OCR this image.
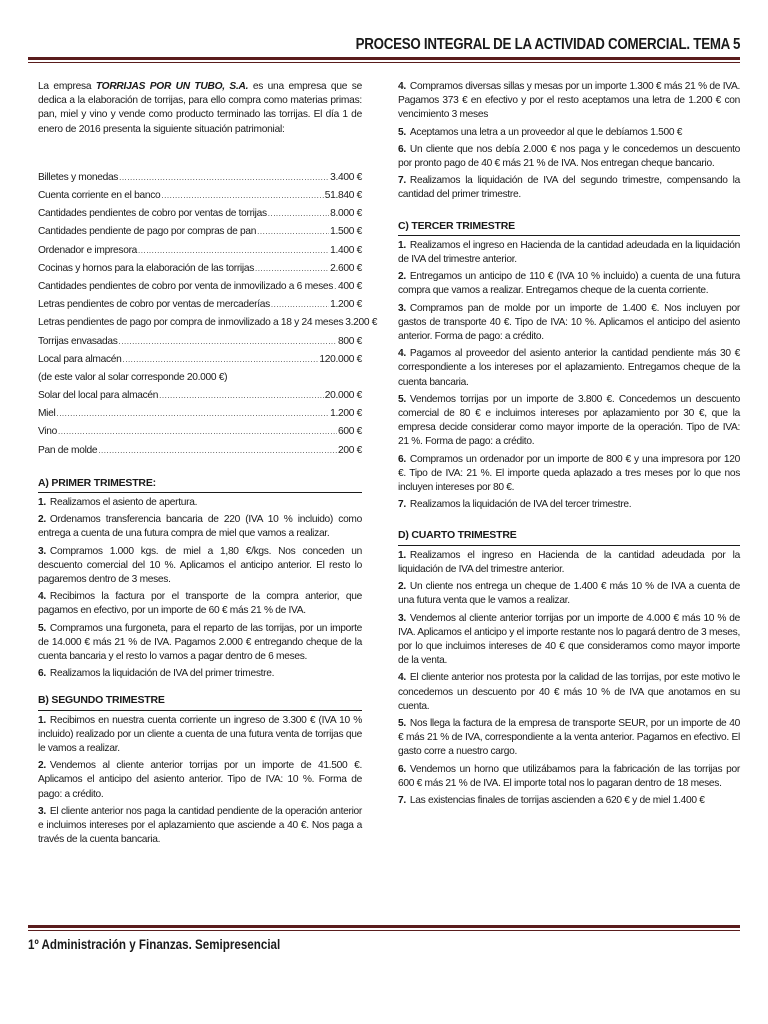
PROCESO INTEGRAL DE LA ACTIVIDAD COMERCIAL. TEMA 5

La empresa TORRIJAS POR UN TUBO, S.A. es una empresa que se dedica a la elaboración de torrijas, para ello compra como materias primas: pan, miel y vino y vende como producto terminado las torrijas. El día 1 de enero de 2016 presenta la siguiente situación patrimonial:

Billetes y monedas .....	3.400 €
Cuenta corriente en el banco .....	51.840 €
Cantidades pendientes de cobro por ventas de torrijas .....	8.000 €
Cantidades pendiente de pago por compras de pan .....	1.500 €
Ordenador e impresora .....	1.400 €
Cocinas y hornos para la elaboración de las torrijas .....	2.600 €
Cantidades pendientes de cobro por venta de inmovilizado a 6 meses ..... 400 €
Letras pendientes de cobro por ventas de mercaderías .....	1.200 €
Letras pendientes de pago por compra de inmovilizado a 18 y 24 meses 3.200 €
Torrijas envasadas .....	800 €
Local para almacén .....	120.000 €
(de este valor al solar corresponde 20.000 €)
Solar del local para almacén .....	20.000 €
Miel .....	1.200 €
Vino .....	600 €
Pan de molde .....	200 €
A) PRIMER TRIMESTRE:

1. Realizamos el asiento de apertura.

2. Ordenamos transferencia bancaria de 220 (IVA 10 % incluido) como entrega a cuenta de una futura compra de miel que vamos a realizar.

3. Compramos 1.000 kgs. de miel a 1,80 €/kgs. Nos conceden un descuento comercial del 10 %. Aplicamos el anticipo anterior. El resto lo pagaremos dentro de 3 meses.

4. Recibimos la factura por el transporte de la compra anterior, que pagamos en efectivo, por un importe de 60 € más 21 % de IVA.

5. Compramos una furgoneta, para el reparto de las torrijas, por un importe de 14.000 € más 21 % de IVA. Pagamos 2.000 € entregando cheque de la cuenta bancaria y el resto lo vamos a pagar dentro de 6 meses.

6. Realizamos la liquidación de IVA del primer trimestre.

B) SEGUNDO TRIMESTRE

1. Recibimos en nuestra cuenta corriente un ingreso de 3.300 € (IVA 10 % incluido) realizado por un cliente a cuenta de una futura venta de torrijas que le vamos a realizar.

2. Vendemos al cliente anterior torrijas por un importe de 41.500 €. Aplicamos el anticipo del asiento anterior. Tipo de IVA: 10 %. Forma de pago: a crédito.

3. El cliente anterior nos paga la cantidad pendiente de la operación anterior e incluimos intereses por el aplazamiento que asciende a 40 €. Nos paga a través de la cuenta bancaria.

4. Compramos diversas sillas y mesas por un importe 1.300 € más 21 % de IVA. Pagamos 373 € en efectivo y por el resto aceptamos una letra de 1.200 € con vencimiento 3 meses

5. Aceptamos una letra a un proveedor al que le debíamos 1.500 €

6. Un cliente que nos debía 2.000 € nos paga y le concedemos un descuento por pronto pago de 40 € más 21 % de IVA. Nos entregan cheque bancario.

7. Realizamos la liquidación de IVA del segundo trimestre, compensando la cantidad del primer trimestre.

C) TERCER TRIMESTRE

1. Realizamos el ingreso en Hacienda de la cantidad adeudada en la liquidación de IVA del trimestre anterior.

2. Entregamos un anticipo de 110 € (IVA 10 % incluido) a cuenta de una futura compra que vamos a realizar. Entregamos cheque de la cuenta corriente.

3. Compramos pan de molde por un importe de 1.400 €. Nos incluyen por gastos de transporte 40 €. Tipo de IVA: 10 %. Aplicamos el anticipo del asiento anterior. Forma de pago: a crédito.

4. Pagamos al proveedor del asiento anterior la cantidad pendiente más 30 € correspondiente a los intereses por el aplazamiento. Entregamos cheque de la cuenta bancaria.

5. Vendemos torrijas por un importe de 3.800 €. Concedemos un descuento comercial de 80 € e incluimos intereses por aplazamiento por 30 €, que la empresa decide considerar como mayor importe de la operación. Tipo de IVA: 21 %. Forma de pago: a crédito.

6. Compramos un ordenador por un importe de 800 € y una impresora por 120 €. Tipo de IVA: 21 %. El importe queda aplazado a tres meses por lo que nos incluyen intereses por 80 €.

7. Realizamos la liquidación de IVA del tercer trimestre.

D) CUARTO TRIMESTRE

1. Realizamos el ingreso en Hacienda de la cantidad adeudada por la liquidación de IVA del trimestre anterior.

2. Un cliente nos entrega un cheque de 1.400 € más 10 % de IVA a cuenta de una futura venta que le vamos a realizar.

3. Vendemos al cliente anterior torrijas por un importe de 4.000 € más 10 % de IVA. Aplicamos el anticipo y el importe restante nos lo pagará dentro de 3 meses, por lo que incluimos intereses de 40 € que consideramos como mayor importe de la venta.

4. El cliente anterior nos protesta por la calidad de las torrijas, por este motivo le concedemos un descuento por 40 € más 10 % de IVA que anotamos en su cuenta.

5. Nos llega la factura de la empresa de transporte SEUR, por un importe de 40 € más 21 % de IVA, correspondiente a la venta anterior. Pagamos en efectivo. El gasto corre a nuestro cargo.

6. Vendemos un horno que utilizábamos para la fabricación de las torrijas por 600 € más 21 % de IVA. El importe total nos lo pagaran dentro de 18 meses.

7. Las existencias finales de torrijas ascienden a 620 € y de miel 1.400 €

1º Administración y Finanzas. Semipresencial
